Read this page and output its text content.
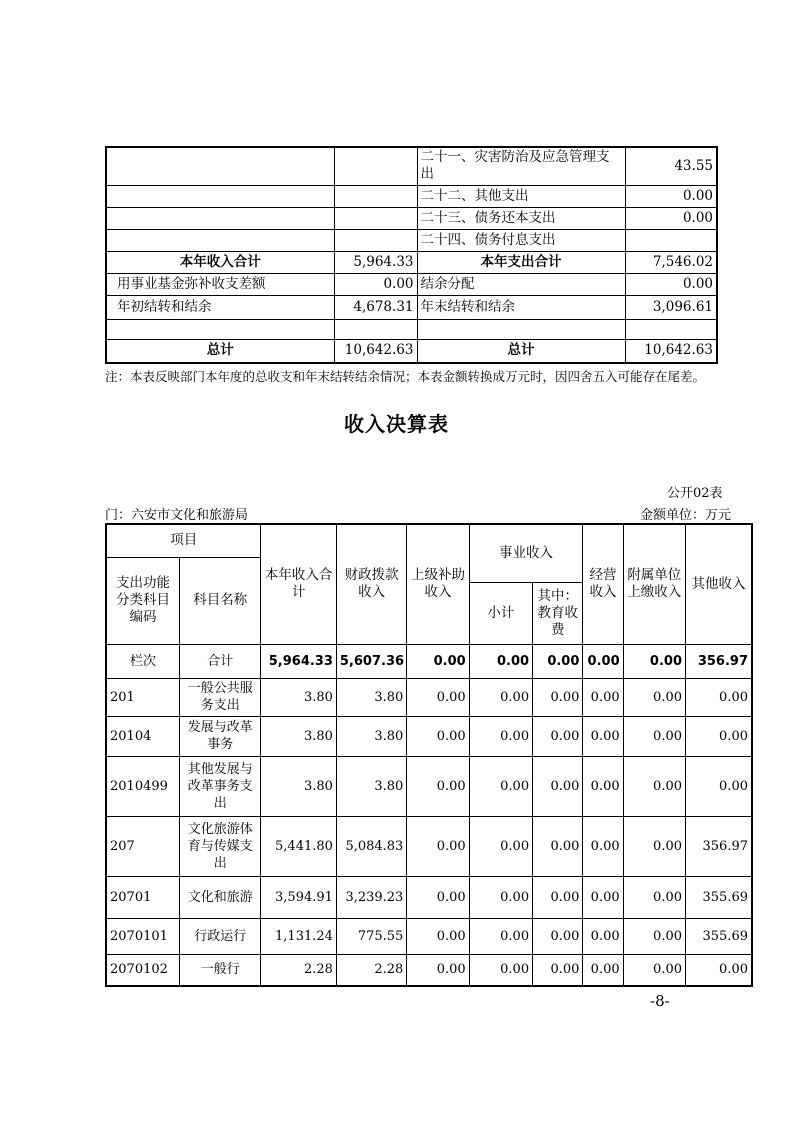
		二十一、灾害防治及应急管理支出	43.55
		二十二、其他支出	0.00
		二十三、债务还本支出	0.00
		二十四、债务付息支出	
本年收入合计	5,964.33	本年支出合计	7,546.02
用事业基金弥补收支差额	0.00	结余分配	0.00
年初结转和结余	4,678.31	年末结转和结余	3,096.61

总计	10,642.63	总计	10,642.63
注：本表反映部门本年度的总收支和年末结转结余情况；本表金额转换成万元时，因四舍五入可能存在尾差。
收入决算表
公开02表
门：六安市文化和旅游局	金额单位：万元
项目		本年收入合计	财政拨款收入	上级补助收入	事业收入		经营收入	附属单位上缴收入	其他收入
支出功能分类科目编码	科目名称								
					小计	其中：教育收费			
栏次	合计	5,964.33	5,607.36	0.00	0.00	0.00	0.00	0.00	356.97
201	一般公共服务支出	3.80	3.80	0.00	0.00	0.00	0.00	0.00	0.00
20104	发展与改革事务	3.80	3.80	0.00	0.00	0.00	0.00	0.00	0.00
2010499	其他发展与改革事务支出	3.80	3.80	0.00	0.00	0.00	0.00	0.00	0.00
207	文化旅游体育与传媒支出	5,441.80	5,084.83	0.00	0.00	0.00	0.00	0.00	356.97
20701	文化和旅游	3,594.91	3,239.23	0.00	0.00	0.00	0.00	0.00	355.69
2070101	行政运行	1,131.24	775.55	0.00	0.00	0.00	0.00	0.00	355.69
2070102	一般行	2.28	2.28	0.00	0.00	0.00	0.00	0.00	0.00
-8-
